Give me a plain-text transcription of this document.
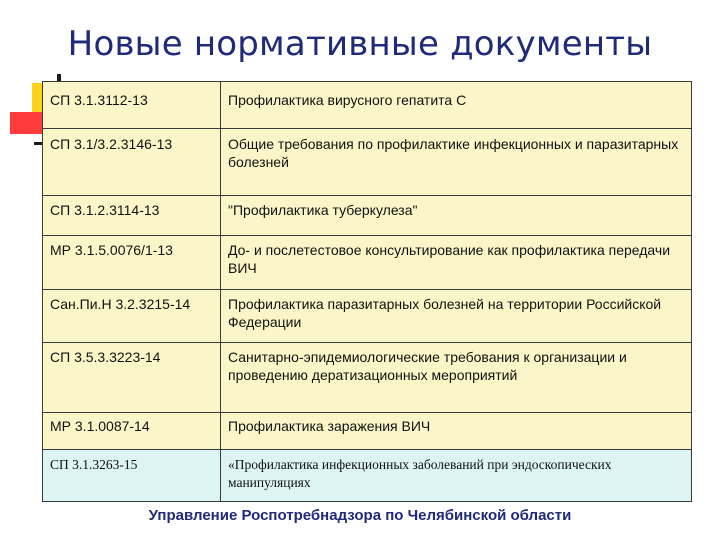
Новые нормативные документы
СП 3.1.3112-13	Профилактика вирусного гепатита С
СП 3.1/3.2.3146-13	Общие требования по профилактике инфекционных и паразитарных болезней
СП 3.1.2.3114-13	"Профилактика туберкулеза"
МР 3.1.5.0076/1-13	До- и послетестовое консультирование как профилактика передачи ВИЧ
Сан.Пи.Н 3.2.3215-14	Профилактика паразитарных болезней на территории Российской Федерации
СП 3.5.3.3223-14	Санитарно-эпидемиологические требования к организации и проведению дератизационных мероприятий
МР 3.1.0087-14	Профилактика заражения ВИЧ
СП 3.1.3263-15	«Профилактика инфекционных заболеваний при эндоскопических манипуляциях
Управление Роспотребнадзора по Челябинской области
